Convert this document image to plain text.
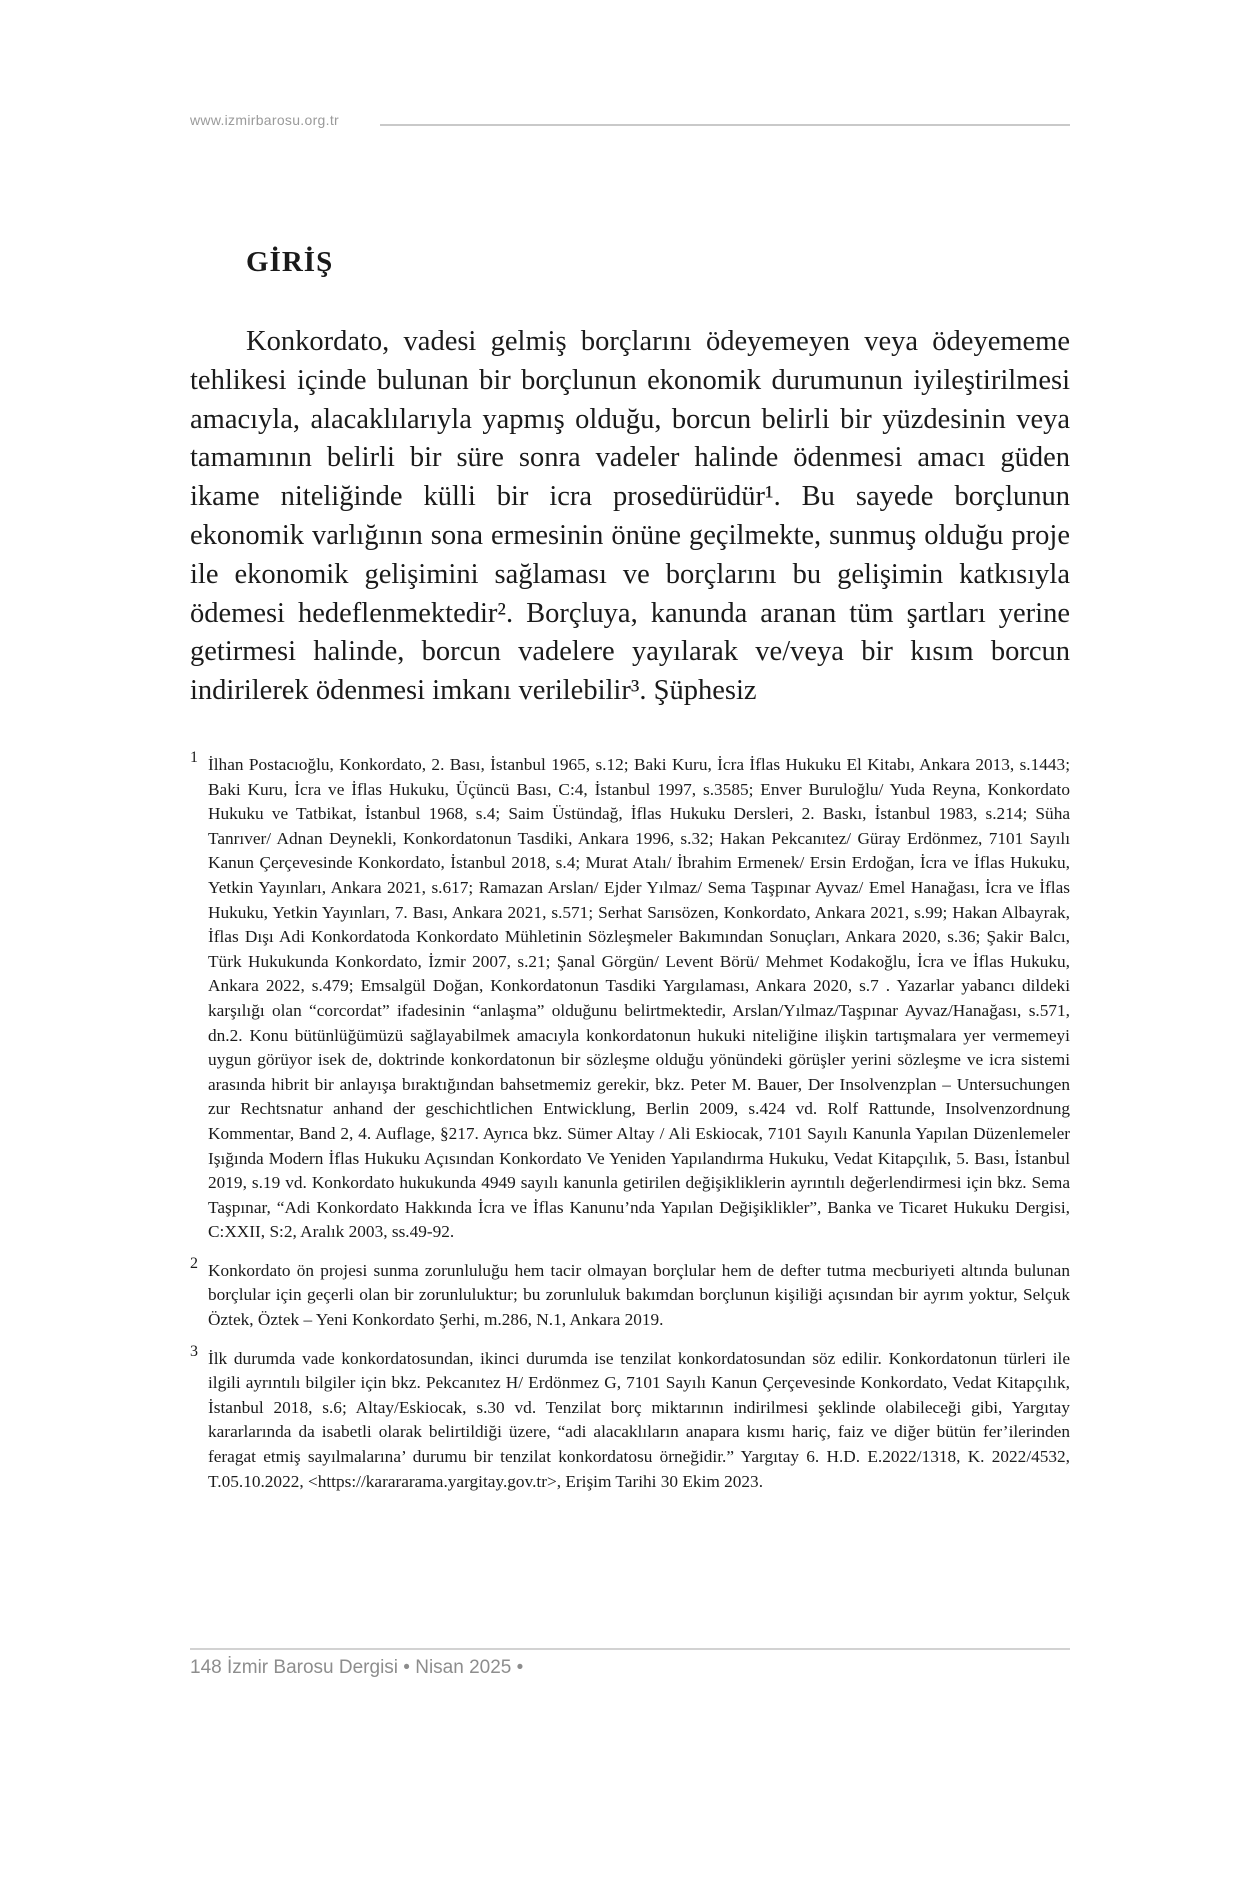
www.izmirbarosu.org.tr
GİRİŞ

Konkordato, vadesi gelmiş borçlarını ödeyemeyen veya ödeyememe tehlikesi içinde bulunan bir borçlunun ekonomik durumunun iyileştirilmesi amacıyla, alacaklılarıyla yapmış olduğu, borcun belirli bir yüzdesinin veya tamamının belirli bir süre sonra vadeler halinde ödenmesi amacı güden ikame niteliğinde külli bir icra prosedürüdür¹. Bu sayede borçlunun ekonomik varlığının sona ermesinin önüne geçilmekte, sunmuş olduğu proje ile ekonomik gelişimini sağlaması ve borçlarını bu gelişimin katkısıyla ödemesi hedeflenmektedir². Borçluya, kanunda aranan tüm şartları yerine getirmesi halinde, borcun vadelere yayılarak ve/veya bir kısım borcun indirilerek ödenmesi imkanı verilebilir³. Şüphesiz

1 İlhan Postacıoğlu, Konkordato, 2. Bası, İstanbul 1965, s.12; Baki Kuru, İcra İflas Hukuku El Kitabı, Ankara 2013, s.1443; Baki Kuru, İcra ve İflas Hukuku, Üçüncü Bası, C:4, İstanbul 1997, s.3585; Enver Buruloğlu/ Yuda Reyna, Konkordato Hukuku ve Tatbikat, İstanbul 1968, s.4; Saim Üstündağ, İflas Hukuku Dersleri, 2. Baskı, İstanbul 1983, s.214; Süha Tanrıver/ Adnan Deynekli, Konkordatonun Tasdiki, Ankara 1996, s.32; Hakan Pekcanıtez/ Güray Erdönmez, 7101 Sayılı Kanun Çerçevesinde Konkordato, İstanbul 2018, s.4; Murat Atalı/ İbrahim Ermenek/ Ersin Erdoğan, İcra ve İflas Hukuku, Yetkin Yayınları, Ankara 2021, s.617; Ramazan Arslan/ Ejder Yılmaz/ Sema Taşpınar Ayvaz/ Emel Hanağası, İcra ve İflas Hukuku, Yetkin Yayınları, 7. Bası, Ankara 2021, s.571; Serhat Sarısözen, Konkordato, Ankara 2021, s.99; Hakan Albayrak, İflas Dışı Adi Konkordatoda Konkordato Mühletinin Sözleşmeler Bakımından Sonuçları, Ankara 2020, s.36; Şakir Balcı, Türk Hukukunda Konkordato, İzmir 2007, s.21; Şanal Görgün/ Levent Börü/ Mehmet Kodakoğlu, İcra ve İflas Hukuku, Ankara 2022, s.479; Emsalgül Doğan, Konkordatonun Tasdiki Yargılaması, Ankara 2020, s.7 . Yazarlar yabancı dildeki karşılığı olan “corcordat” ifadesinin “anlaşma” olduğunu belirtmektedir, Arslan/Yılmaz/Taşpınar Ayvaz/Hanağası, s.571, dn.2. Konu bütünlüğümüzü sağlayabilmek amacıyla konkordatonun hukuki niteliğine ilişkin tartışmalara yer vermemeyi uygun görüyor isek de, doktrinde konkordatonun bir sözleşme olduğu yönündeki görüşler yerini sözleşme ve icra sistemi arasında hibrit bir anlayışa bıraktığından bahsetmemiz gerekir, bkz. Peter M. Bauer, Der Insolvenzplan – Untersuchungen zur Rechtsnatur anhand der geschichtlichen Entwicklung, Berlin 2009, s.424 vd. Rolf Rattunde, Insolvenzordnung Kommentar, Band 2, 4. Auflage, §217. Ayrıca bkz. Sümer Altay / Ali Eskiocak, 7101 Sayılı Kanunla Yapılan Düzenlemeler Işığında Modern İflas Hukuku Açısından Konkordato Ve Yeniden Yapılandırma Hukuku, Vedat Kitapçılık, 5. Bası, İstanbul 2019, s.19 vd. Konkordato hukukunda 4949 sayılı kanunla getirilen değişikliklerin ayrıntılı değerlendirmesi için bkz. Sema Taşpınar, “Adi Konkordato Hakkında İcra ve İflas Kanunu’nda Yapılan Değişiklikler”, Banka ve Ticaret Hukuku Dergisi, C:XXII, S:2, Aralık 2003, ss.49-92.

2 Konkordato ön projesi sunma zorunluluğu hem tacir olmayan borçlular hem de defter tutma mecburiyeti altında bulunan borçlular için geçerli olan bir zorunluluktur; bu zorunluluk bakımdan borçlunun kişiliği açısından bir ayrım yoktur, Selçuk Öztek, Öztek – Yeni Konkordato Şerhi, m.286, N.1, Ankara 2019.

3 İlk durumda vade konkordatosundan, ikinci durumda ise tenzilat konkordatosundan söz edilir. Konkordatonun türleri ile ilgili ayrıntılı bilgiler için bkz. Pekcanıtez H/ Erdönmez G, 7101 Sayılı Kanun Çerçevesinde Konkordato, Vedat Kitapçılık, İstanbul 2018, s.6; Altay/Eskiocak, s.30 vd. Tenzilat borç miktarının indirilmesi şeklinde olabileceği gibi, Yargıtay kararlarında da isabetli olarak belirtildiği üzere, “adi alacaklıların anapara kısmı hariç, faiz ve diğer bütün fer’ilerinden feragat etmiş sayılmalarına’ durumu bir tenzilat konkordatosu örneğidir.” Yargıtay 6. H.D. E.2022/1318, K. 2022/4532, T.05.10.2022, <https://karararama.yargitay.gov.tr>, Erişim Tarihi 30 Ekim 2023.

148 İzmir Barosu Dergisi • Nisan 2025 •
